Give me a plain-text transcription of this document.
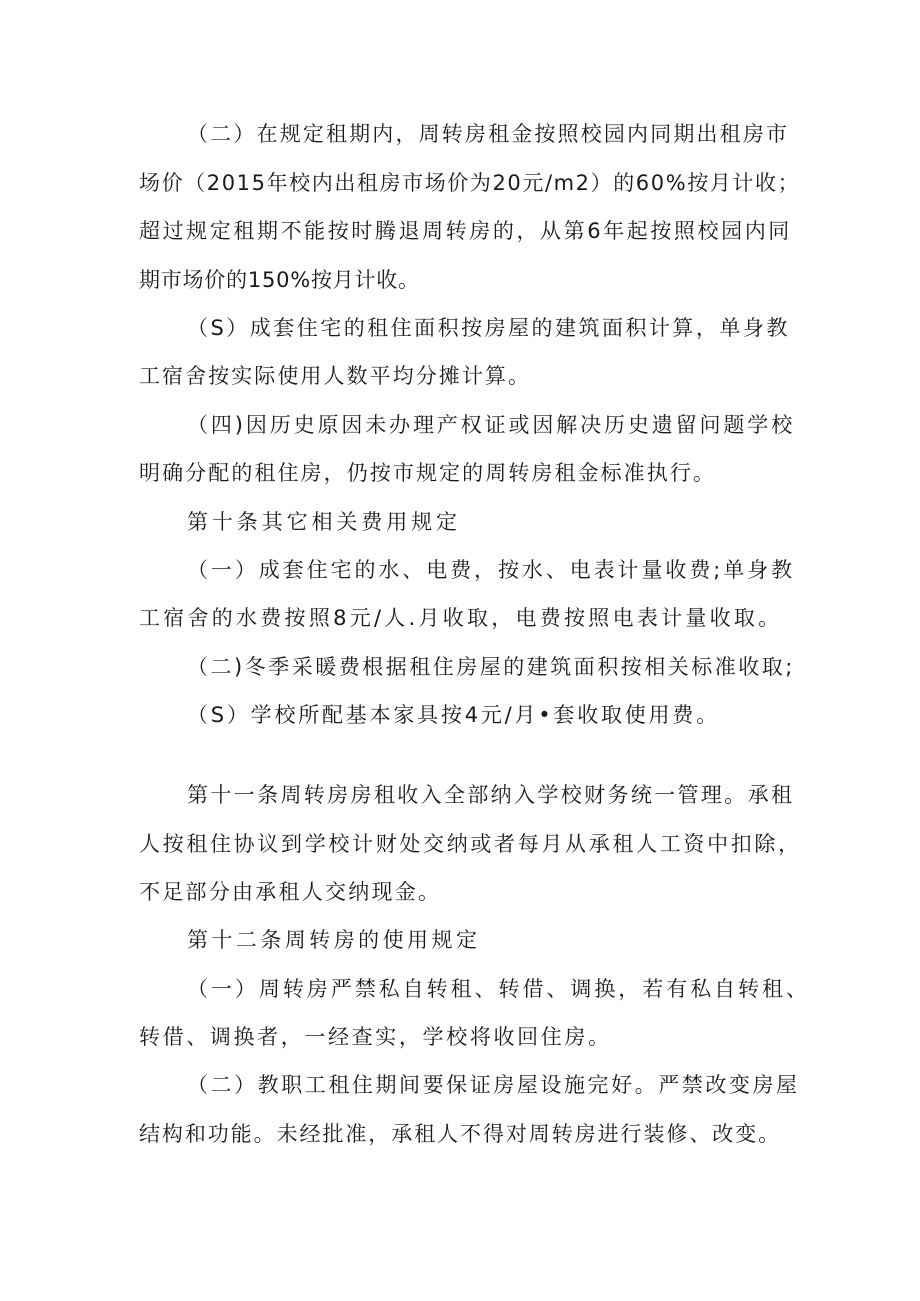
（二）在规定租期内，周转房租金按照校园内同期出租房市
场价（2015年校内出租房市场价为20元/m2）的60%按月计收；
超过规定租期不能按时腾退周转房的，从第6年起按照校园内同
期市场价的150%按月计收。
（S）成套住宅的租住面积按房屋的建筑面积计算，单身教
工宿舍按实际使用人数平均分摊计算。
（四)因历史原因未办理产权证或因解决历史遗留问题学校
明确分配的租住房，仍按市规定的周转房租金标准执行。
第十条其它相关费用规定
（一）成套住宅的水、电费，按水、电表计量收费;单身教
工宿舍的水费按照8元/人.月收取，电费按照电表计量收取。
（二)冬季采暖费根据租住房屋的建筑面积按相关标准收取;
（S）学校所配基本家具按4元/月•套收取使用费。
第十一条周转房房租收入全部纳入学校财务统一管理。承租
人按租住协议到学校计财处交纳或者每月从承租人工资中扣除，
不足部分由承租人交纳现金。
第十二条周转房的使用规定
（一）周转房严禁私自转租、转借、调换，若有私自转租、
转借、调换者，一经查实，学校将收回住房。
（二）教职工租住期间要保证房屋设施完好。严禁改变房屋
结构和功能。未经批准，承租人不得对周转房进行装修、改变。
